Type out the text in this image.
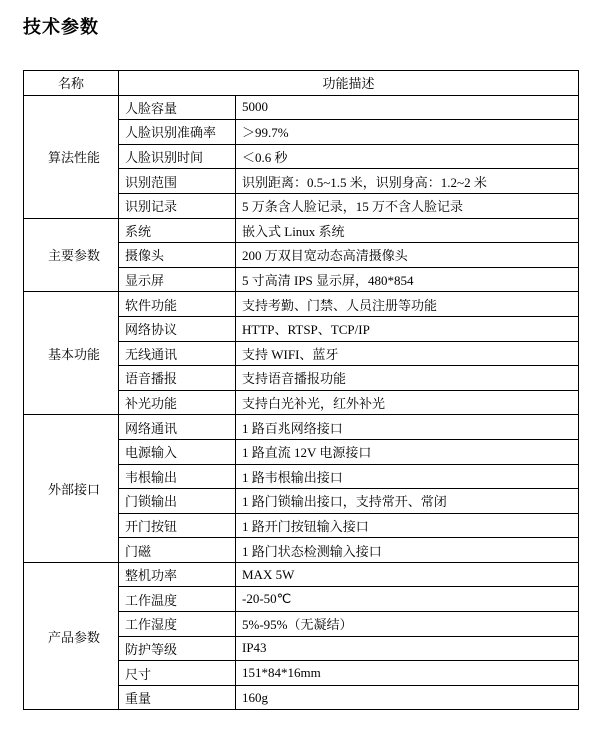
技术参数
名称	功能描述	
算法性能	人脸容量	5000
	人脸识别准确率	＞99.7%
	人脸识别时间	＜0.6 秒
	识别范围	识别距离：0.5~1.5 米，识别身高：1.2~2 米
	识别记录	5 万条含人脸记录，15 万不含人脸记录
主要参数	系统	嵌入式 Linux 系统
	摄像头	200 万双目宽动态高清摄像头
	显示屏	5 寸高清 IPS 显示屏，480*854
基本功能	软件功能	支持考勤、门禁、人员注册等功能
	网络协议	HTTP、RTSP、TCP/IP
	无线通讯	支持 WIFI、蓝牙
	语音播报	支持语音播报功能
	补光功能	支持白光补光，红外补光
外部接口	网络通讯	1 路百兆网络接口
	电源输入	1 路直流 12V 电源接口
	韦根输出	1 路韦根输出接口
	门锁输出	1 路门锁输出接口，支持常开、常闭
	开门按钮	1 路开门按钮输入接口
	门磁	1 路门状态检测输入接口
产品参数	整机功率	MAX 5W
	工作温度	-20-50℃
	工作湿度	5%-95%（无凝结）
	防护等级	IP43
	尺寸	151*84*16mm
	重量	160g
